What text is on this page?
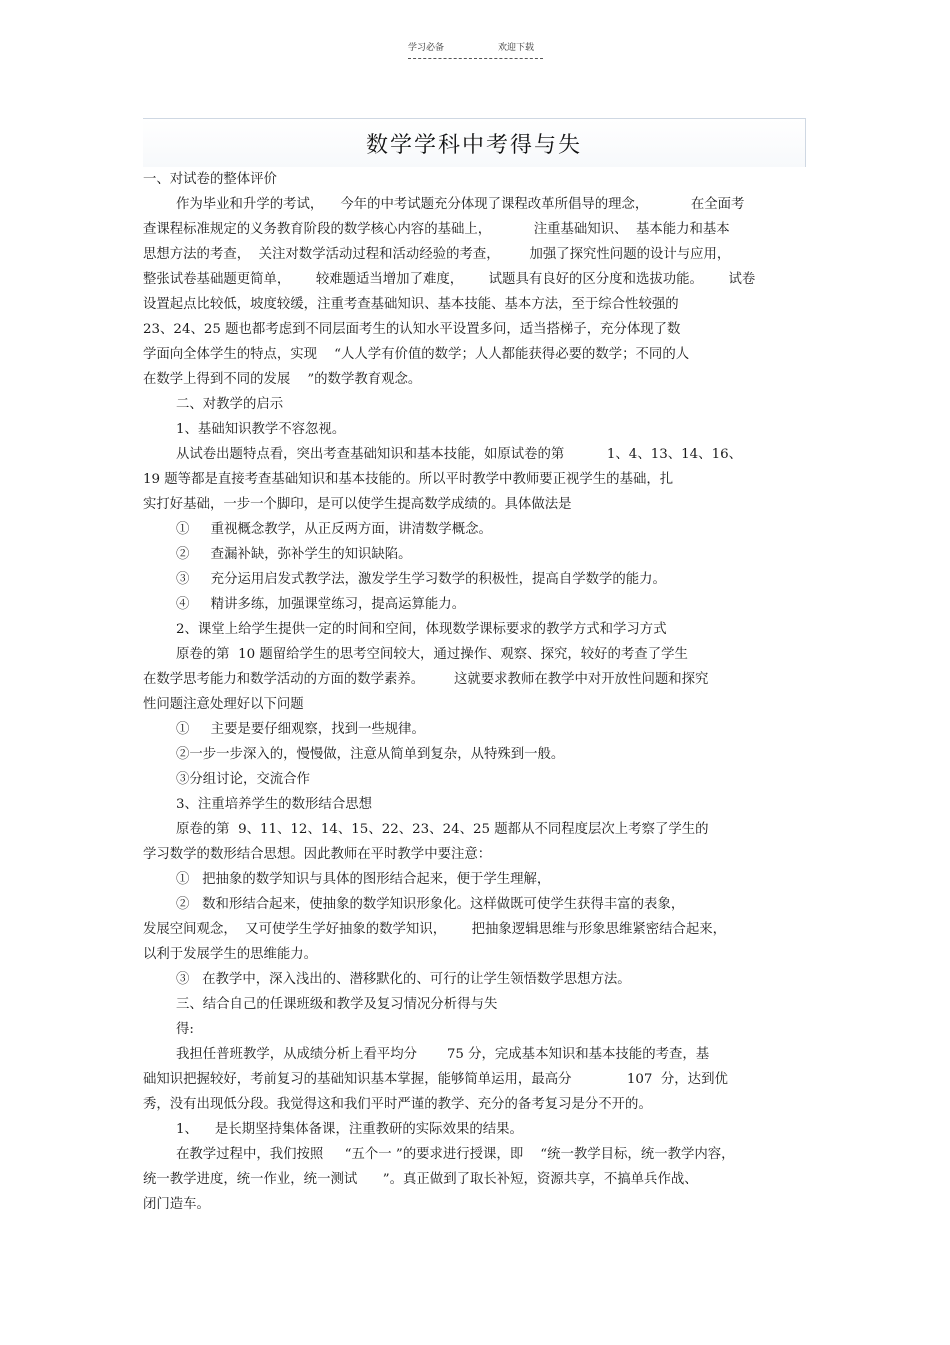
学习必备	欢迎下载
数学学科中考得与失
一、对试卷的整体评价
作为毕业和升学的考试，    今年的中考试题充分体现了课程改革所倡导的理念，          在全面考
查课程标准规定的义务教育阶段的数学核心内容的基础上，          注重基础知识、  基本能力和基本
思想方法的考查，  关注对数学活动过程和活动经验的考查，       加强了探究性问题的设计与应用，
整张试卷基础题更简单，      较难题适当增加了难度，      试题具有良好的区分度和选拔功能。      试卷
设置起点比较低，坡度较缓，注重考查基础知识、基本技能、基本方法，至于综合性较强的
23、24、25 题也都考虑到不同层面考生的认知水平设置多问，适当搭梯子，充分体现了数
学面向全体学生的特点，实现    “人人学有价值的数学；人人都能获得必要的数学；不同的人
在数学上得到不同的发展    ”的数学教育观念。
二、对教学的启示
1、基础知识教学不容忽视。
从试卷出题特点看，突出考查基础知识和基本技能，如原试卷的第          1、4、13、14、16、
19 题等都是直接考查基础知识和基本技能的。所以平时教学中教师要正视学生的基础，扎
实打好基础，一步一个脚印，是可以使学生提高数学成绩的。具体做法是
①     重视概念教学，从正反两方面，讲清数学概念。
②     查漏补缺，弥补学生的知识缺陷。
③     充分运用启发式教学法，激发学生学习数学的积极性，提高自学数学的能力。
④     精讲多练，加强课堂练习，提高运算能力。
2、课堂上给学生提供一定的时间和空间，体现数学课标要求的教学方式和学习方式
原卷的第  10 题留给学生的思考空间较大，通过操作、观察、探究，较好的考查了学生
在数学思考能力和数学活动的方面的数学素养。       这就要求教师在教学中对开放性问题和探究
性问题注意处理好以下问题
①     主要是要仔细观察，找到一些规律。
②一步一步深入的，慢慢做，注意从简单到复杂，从特殊到一般。
③分组讨论，交流合作
3、注重培养学生的数形结合思想
原卷的第  9、11、12、14、15、22、23、24、25 题都从不同程度层次上考察了学生的
学习数学的数形结合思想。因此教师在平时教学中要注意：
①   把抽象的数学知识与具体的图形结合起来，便于学生理解，
②   数和形结合起来，使抽象的数学知识形象化。这样做既可使学生获得丰富的表象，
发展空间观念，  又可使学生学好抽象的数学知识，      把抽象逻辑思维与形象思维紧密结合起来，
以利于发展学生的思维能力。
③   在教学中，深入浅出的、潜移默化的、可行的让学生领悟数学思想方法。
三、结合自己的任课班级和教学及复习情况分析得与失
得:
我担任普班教学，从成绩分析上看平均分       75 分，完成基本知识和基本技能的考查，基
础知识把握较好，考前复习的基础知识基本掌握，能够简单运用，最高分             107  分，达到优
秀，没有出现低分段。我觉得这和我们平时严谨的教学、充分的备考复习是分不开的。
1、    是长期坚持集体备课，注重教研的实际效果的结果。
在教学过程中，我们按照     “五个一 ”的要求进行授课，即    “统一教学目标，统一教学内容，
统一教学进度，统一作业，统一测试      ”。真正做到了取长补短，资源共享，不搞单兵作战、
闭门造车。
